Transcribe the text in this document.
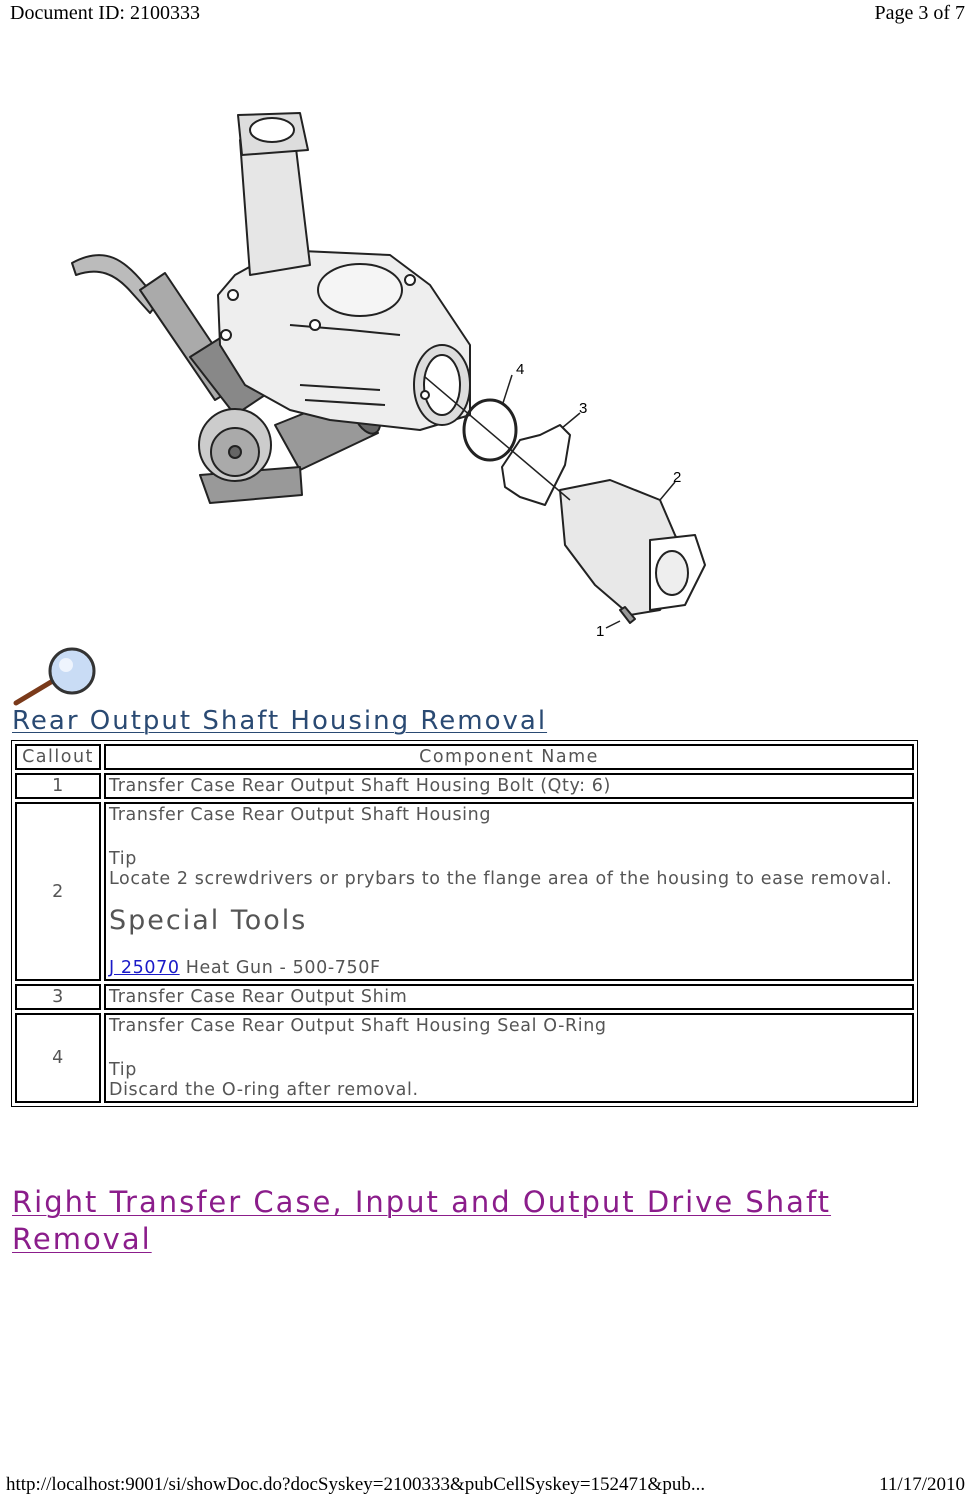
Document ID: 2100333	Page 3 of 7
4
3
2
1
Rear Output Shaft Housing Removal
Callout	Component Name
1	Transfer Case Rear Output Shaft Housing Bolt (Qty: 6)
2	Transfer Case Rear Output Shaft Housing
Tip
Locate 2 screwdrivers or prybars to the flange area of the housing to ease removal.
Special Tools
J 25070 Heat Gun - 500-750F

3	Transfer Case Rear Output Shim
4	Transfer Case Rear Output Shaft Housing Seal O-Ring
Tip
Discard the O-ring after removal.
Right Transfer Case, Input and Output Drive Shaft Removal
http://localhost:9001/si/showDoc.do?docSyskey=2100333&pubCellSyskey=152471&pub...	11/17/2010
